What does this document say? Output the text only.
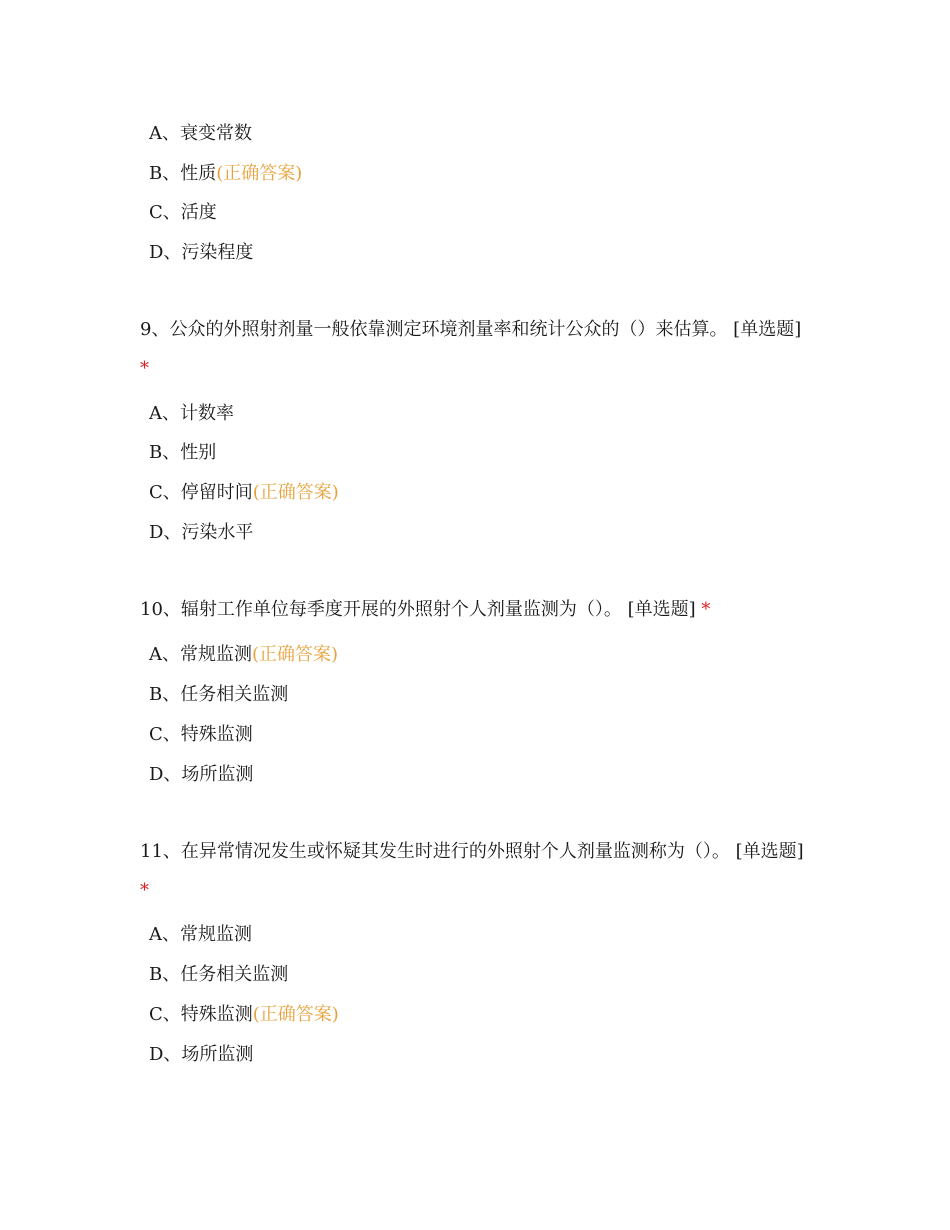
A、衰变常数
B、性质(正确答案)
C、活度
D、污染程度
9、公众的外照射剂量一般依靠测定环境剂量率和统计公众的（）来估算。 [单选题] *
A、计数率
B、性别
C、停留时间(正确答案)
D、污染水平
10、辐射工作单位每季度开展的外照射个人剂量监测为（）。 [单选题] *
A、常规监测(正确答案)
B、任务相关监测
C、特殊监测
D、场所监测
11、在异常情况发生或怀疑其发生时进行的外照射个人剂量监测称为（）。 [单选题] *
A、常规监测
B、任务相关监测
C、特殊监测(正确答案)
D、场所监测
